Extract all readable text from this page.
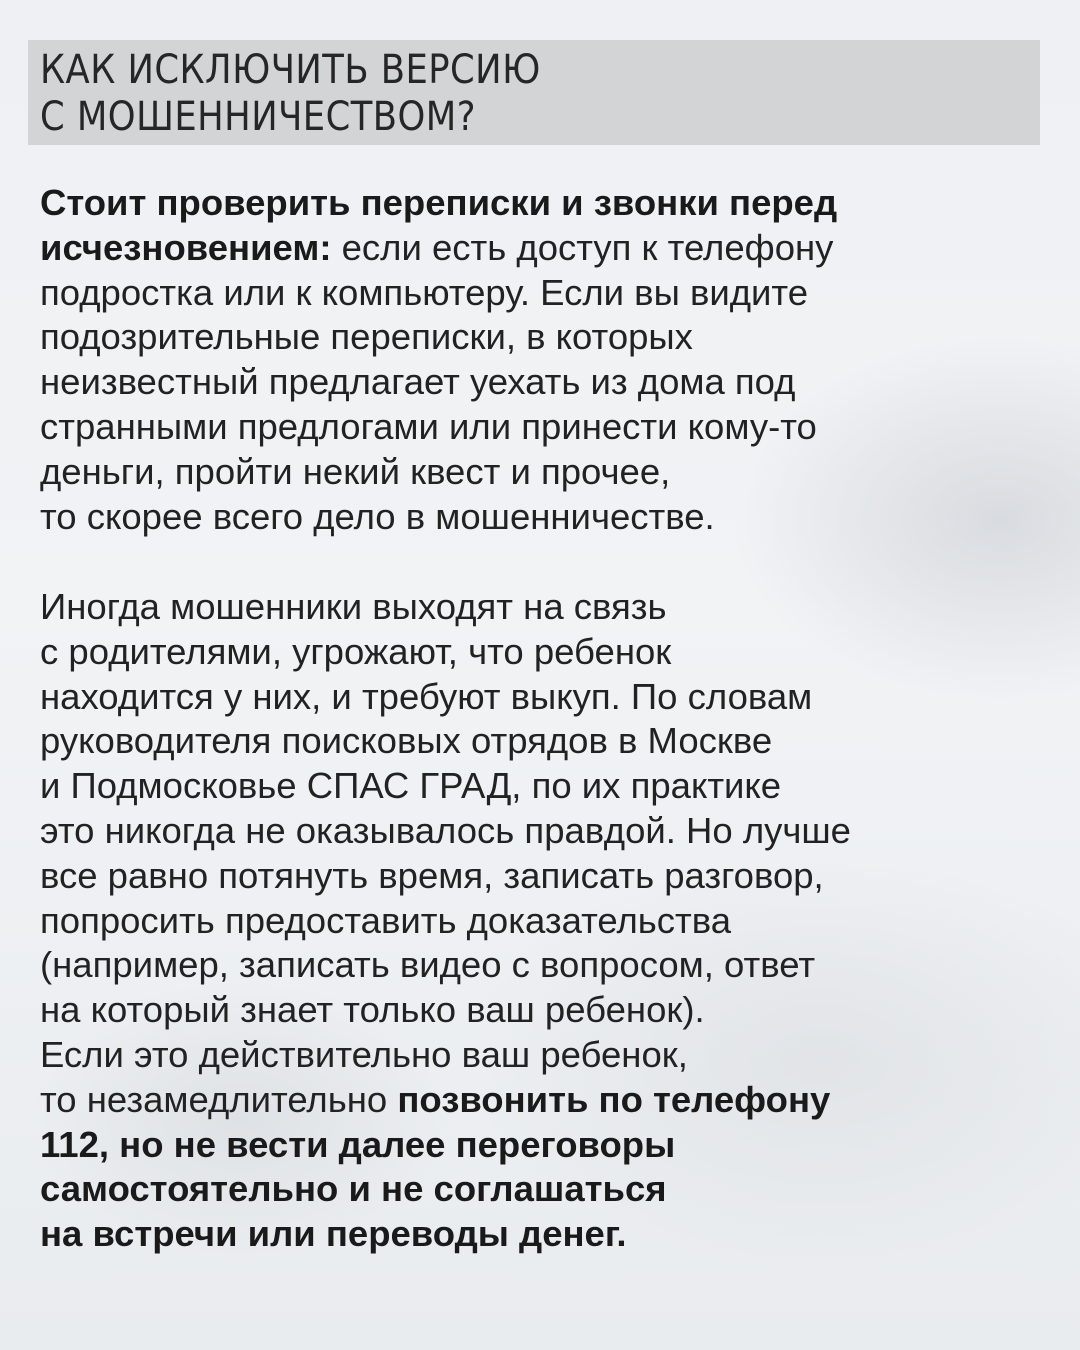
КАК ИСКЛЮЧИТЬ ВЕРСИЮ
С МОШЕННИЧЕСТВОМ?
Стоит проверить переписки и звонки перед
исчезновением: если есть доступ к телефону
подростка или к компьютеру. Если вы видите
подозрительные переписки, в которых
неизвестный предлагает уехать из дома под
странными предлогами или принести кому-то
деньги, пройти некий квест и прочее,
то скорее всего дело в мошенничестве.
Иногда мошенники выходят на связь
с родителями, угрожают, что ребенок
находится у них, и требуют выкуп. По словам
руководителя поисковых отрядов в Москве
и Подмосковье СПАС ГРАД, по их практике
это никогда не оказывалось правдой. Но лучше
все равно потянуть время, записать разговор,
попросить предоставить доказательства
(например, записать видео с вопросом, ответ
на который знает только ваш ребенок).
Если это действительно ваш ребенок,
то незамедлительно позвонить по телефону
112, но не вести далее переговоры
самостоятельно и не соглашаться
на встречи или переводы денег.
